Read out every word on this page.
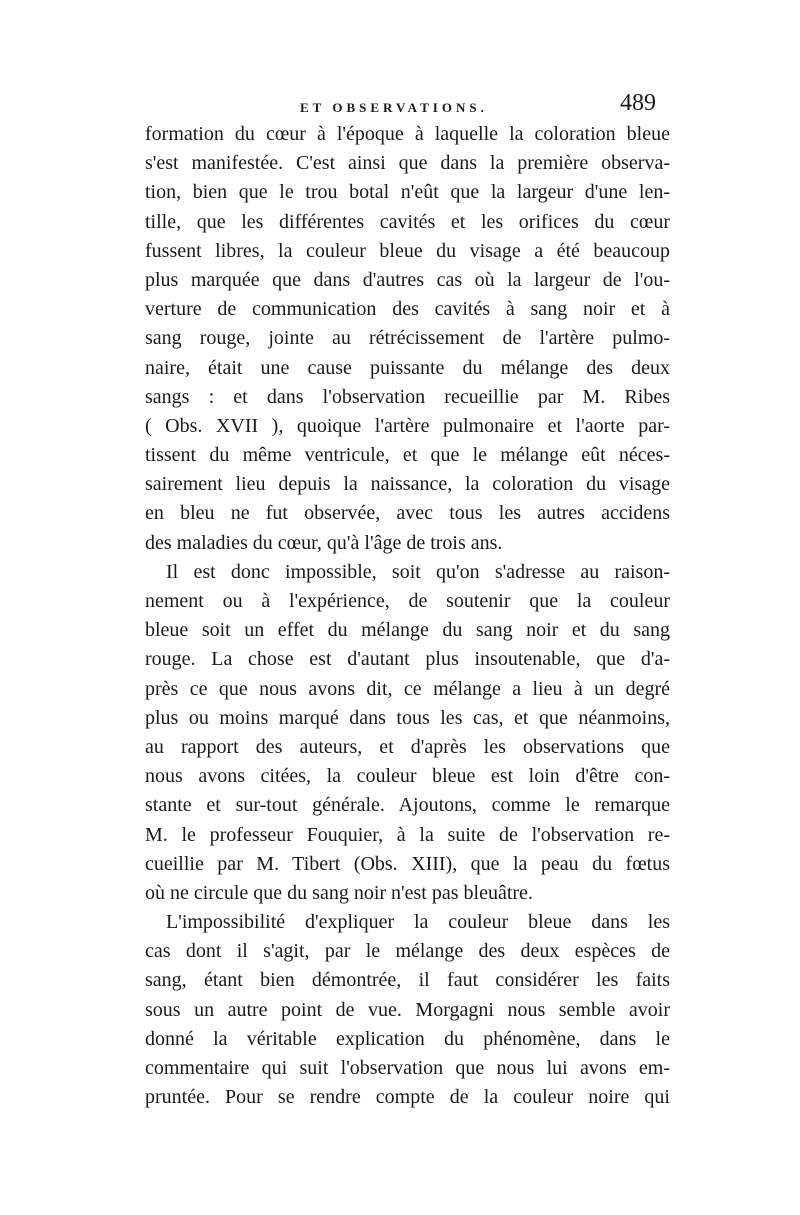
ET OBSERVATIONS.	489
formation du cœur à l'époque à laquelle la coloration bleue
s'est manifestée. C'est ainsi que dans la première observa-
tion, bien que le trou botal n'eût que la largeur d'une len-
tille, que les différentes cavités et les orifices du cœur
fussent libres, la couleur bleue du visage a été beaucoup
plus marquée que dans d'autres cas où la largeur de l'ou-
verture de communication des cavités à sang noir et à
sang rouge, jointe au rétrécissement de l'artère pulmo-
naire, était une cause puissante du mélange des deux
sangs : et dans l'observation recueillie par M. Ribes
( Obs. XVII ), quoique l'artère pulmonaire et l'aorte par-
tissent du même ventricule, et que le mélange eût néces-
sairement lieu depuis la naissance, la coloration du visage
en bleu ne fut observée, avec tous les autres accidens
des maladies du cœur, qu'à l'âge de trois ans.
Il est donc impossible, soit qu'on s'adresse au raison-
nement ou à l'expérience, de soutenir que la couleur
bleue soit un effet du mélange du sang noir et du sang
rouge. La chose est d'autant plus insoutenable, que d'a-
près ce que nous avons dit, ce mélange a lieu à un degré
plus ou moins marqué dans tous les cas, et que néanmoins,
au rapport des auteurs, et d'après les observations que
nous avons citées, la couleur bleue est loin d'être con-
stante et sur-tout générale. Ajoutons, comme le remarque
M. le professeur Fouquier, à la suite de l'observation re-
cueillie par M. Tibert (Obs. XIII), que la peau du fœtus
où ne circule que du sang noir n'est pas bleuâtre.
L'impossibilité d'expliquer la couleur bleue dans les
cas dont il s'agit, par le mélange des deux espèces de
sang, étant bien démontrée, il faut considérer les faits
sous un autre point de vue. Morgagni nous semble avoir
donné la véritable explication du phénomène, dans le
commentaire qui suit l'observation que nous lui avons em-
pruntée. Pour se rendre compte de la couleur noire qui
